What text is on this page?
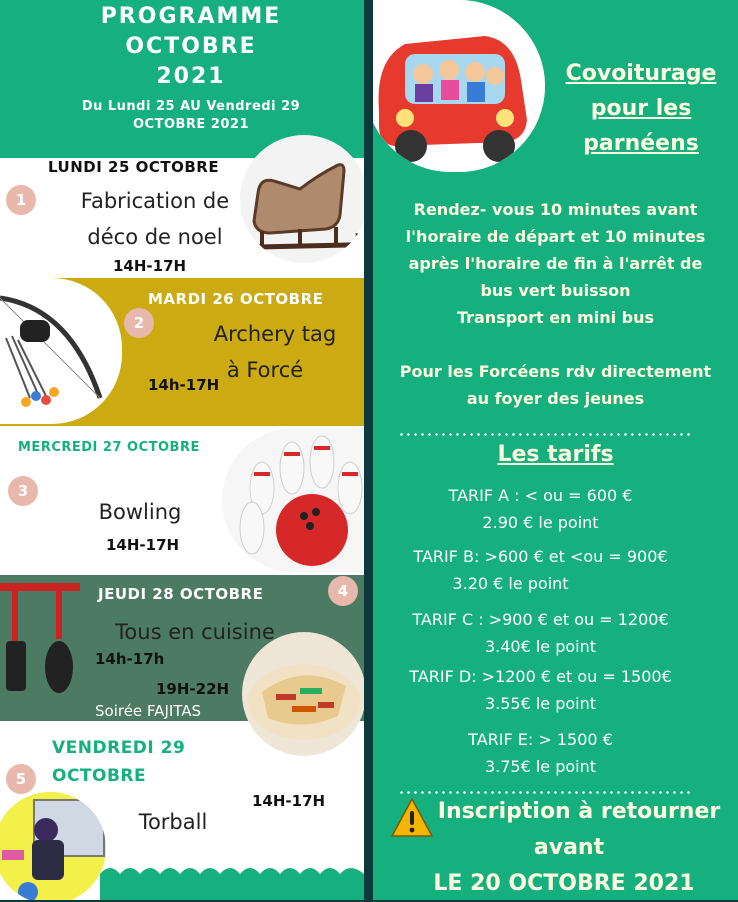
PROGRAMME
OCTOBRE
2021
Du Lundi 25 AU Vendredi 29
OCTOBRE 2021
LUNDI 25 OCTOBRE
1	Fabrication de
déco de noel
14H-17H
MARDI 26 OCTOBRE
2	Archery tag
à Forcé
14h-17H
MERCREDI 27 OCTOBRE
3
Bowling
14H-17H
JEUDI 28 OCTOBRE	4
Tous en cuisine
14h-17h
19H-22H
Soirée FAJITAS
VENDREDI 29
OCTOBRE
5
14H-17H
Torball
Covoiturage
pour les
parnéens
Rendez- vous 10 minutes avant
l'horaire de départ et 10 minutes
après l'horaire de fin à l'arrêt de
bus vert buisson
Transport en mini bus
Pour les Forcéens rdv directement
au foyer des jeunes
Les tarifs
TARIF A : < ou = 600 €
2.90 € le point
TARIF B: >600 € et <ou = 900€
3.20 € le point
TARIF C : >900 € et ou = 1200€
3.40€ le point
TARIF D: >1200 € et ou = 1500€
3.55€ le point
TARIF E: > 1500 €
3.75€ le point
Inscription à retourner
avant
LE 20 OCTOBRE 2021
